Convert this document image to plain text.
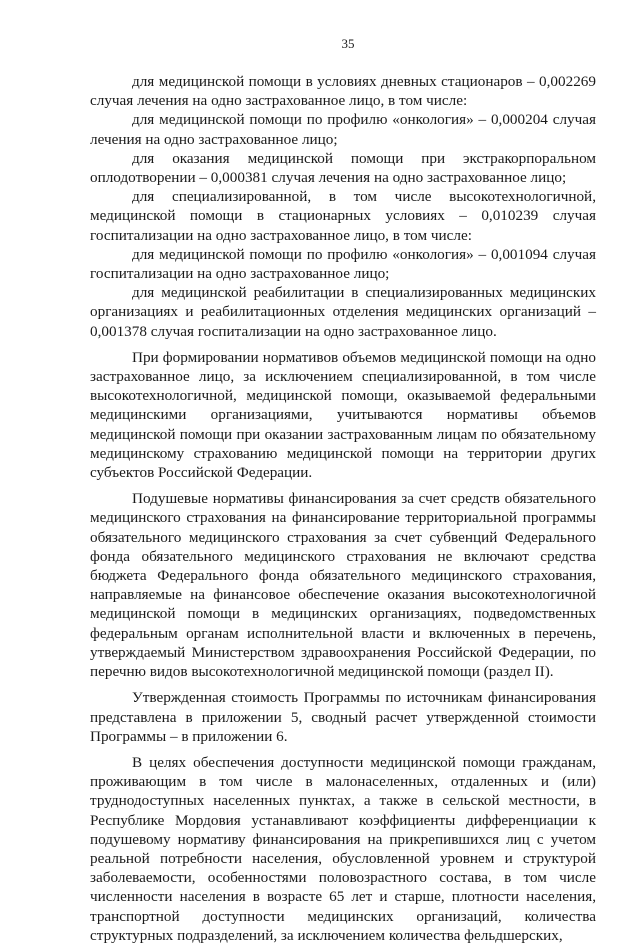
35

для медицинской помощи в условиях дневных стационаров – 0,002269 случая лечения на одно застрахованное лицо, в том числе:

для медицинской помощи по профилю «онкология» – 0,000204 случая лечения на одно застрахованное лицо;

для оказания медицинской помощи при экстракорпоральном оплодотворении – 0,000381 случая лечения на одно застрахованное лицо;

для специализированной, в том числе высокотехнологичной, медицинской помощи в стационарных условиях – 0,010239 случая госпитализации на одно застрахованное лицо, в том числе:

для медицинской помощи по профилю «онкология» – 0,001094 случая госпитализации на одно застрахованное лицо;

для медицинской реабилитации в специализированных медицинских организациях и реабилитационных отделения медицинских организаций – 0,001378 случая госпитализации на одно застрахованное лицо.

При формировании нормативов объемов медицинской помощи на одно застрахованное лицо, за исключением специализированной, в том числе высокотехнологичной, медицинской помощи, оказываемой федеральными медицинскими организациями, учитываются нормативы объемов медицинской помощи при оказании застрахованным лицам по обязательному медицинскому страхованию медицинской помощи на территории других субъектов Российской Федерации.

Подушевые нормативы финансирования за счет средств обязательного медицинского страхования на финансирование территориальной программы обязательного медицинского страхования за счет субвенций Федерального фонда обязательного медицинского страхования не включают средства бюджета Федерального фонда обязательного медицинского страхования, направляемые на финансовое обеспечение оказания высокотехнологичной медицинской помощи в медицинских организациях, подведомственных федеральным органам исполнительной власти и включенных в перечень, утверждаемый Министерством здравоохранения Российской Федерации, по перечню видов высокотехнологичной медицинской помощи (раздел II).

Утвержденная стоимость Программы по источникам финансирования представлена в приложении 5, сводный расчет утвержденной стоимости Программы – в приложении 6.

В целях обеспечения доступности медицинской помощи гражданам, проживающим в том числе в малонаселенных, отдаленных и (или) труднодоступных населенных пунктах, а также в сельской местности, в Республике Мордовия устанавливают коэффициенты дифференциации к подушевому нормативу финансирования на прикрепившихся лиц с учетом реальной потребности населения, обусловленной уровнем и структурой заболеваемости, особенностями половозрастного состава, в том числе численности населения в возрасте 65 лет и старше, плотности населения, транспортной доступности медицинских организаций, количества структурных подразделений, за исключением количества фельдшерских,
